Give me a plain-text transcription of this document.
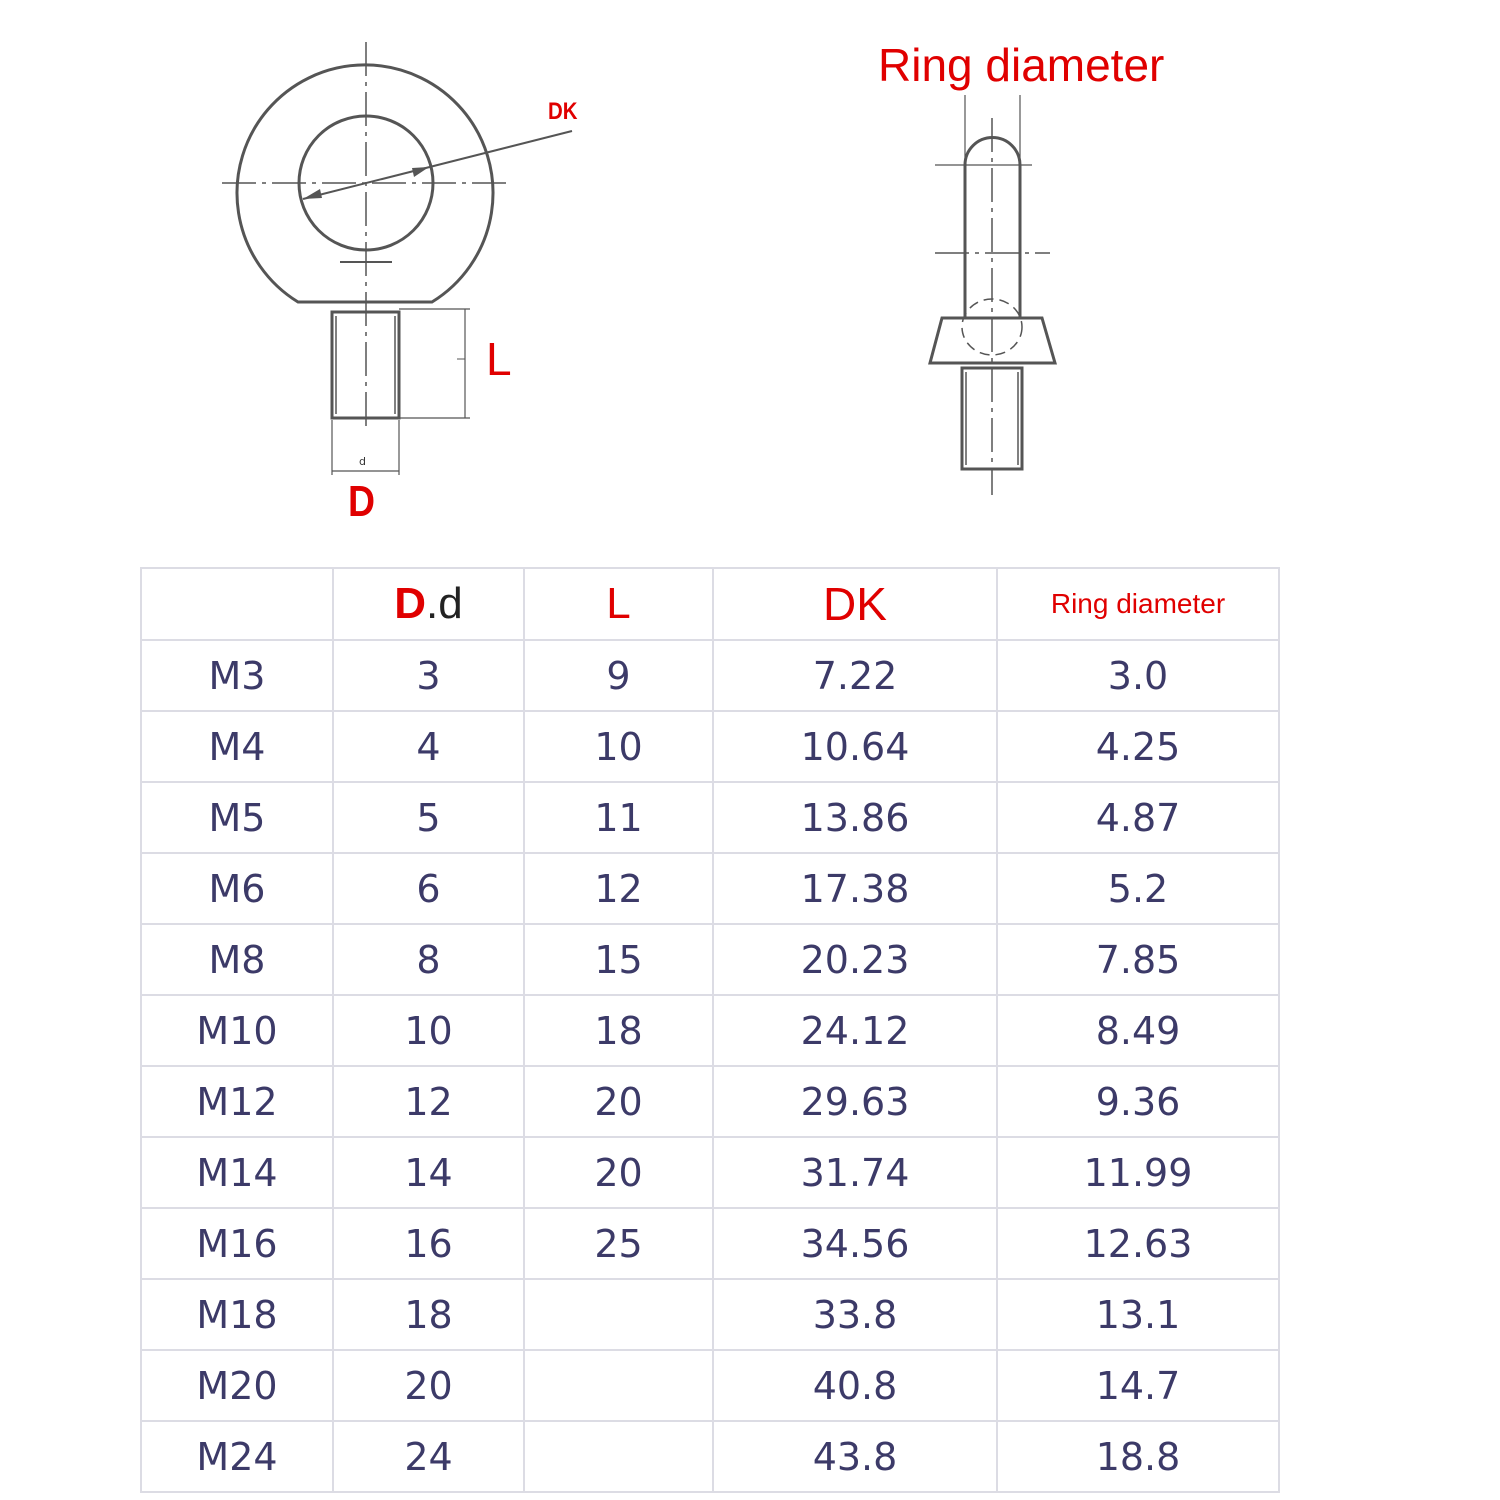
Ring diameter
DK
L
D
d
	D.d	L	DK	Ring diameter
M3	3	9	7.22	3.0
M4	4	10	10.64	4.25
M5	5	11	13.86	4.87
M6	6	12	17.38	5.2
M8	8	15	20.23	7.85
M10	10	18	24.12	8.49
M12	12	20	29.63	9.36
M14	14	20	31.74	11.99
M16	16	25	34.56	12.63
M18	18		33.8	13.1
M20	20		40.8	14.7
M24	24		43.8	18.8
